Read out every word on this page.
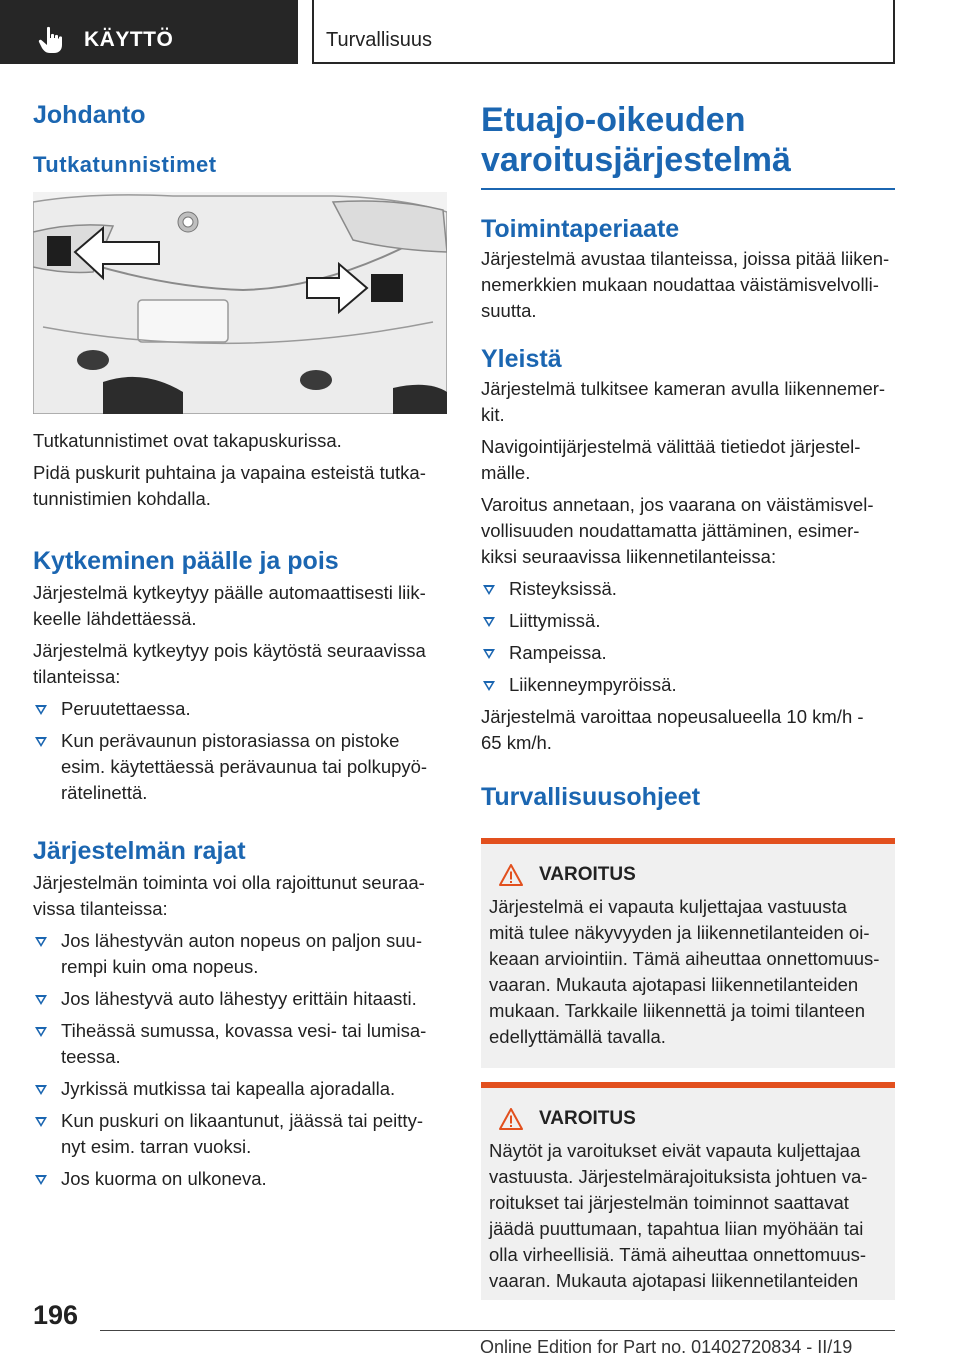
KÄYTTÖ	Turvallisuus
Johdanto
Tutkatunnistimet

Tutkatunnistimet ovat takapuskurissa.

Pidä puskurit puhtaina ja vapaina esteistä tutka-
tunnistimien kohdalla.

Kytkeminen päälle ja pois

Järjestelmä kytkeytyy päälle automaattisesti liik-
keelle lähdettäessä.

Järjestelmä kytkeytyy pois käytöstä seuraavissa
tilanteissa:

Peruutettaessa.
Kun perävaunun pistorasiassa on pistoke
esim. käytettäessä perävaunua tai polkupyö-
rätelinettä.
Järjestelmän rajat

Järjestelmän toiminta voi olla rajoittunut seuraa-
vissa tilanteissa:

Jos lähestyvän auton nopeus on paljon suu-
rempi kuin oma nopeus.
Jos lähestyvä auto lähestyy erittäin hitaasti.
Tiheässä sumussa, kovassa vesi- tai lumisa-
teessa.
Jyrkissä mutkissa tai kapealla ajoradalla.
Kun puskuri on likaantunut, jäässä tai peitty-
nyt esim. tarran vuoksi.
Jos kuorma on ulkoneva.
Etuajo-oikeuden
varoitusjärjestelmä
Toimintaperiaate

Järjestelmä avustaa tilanteissa, joissa pitää liiken-
nemerkkien mukaan noudattaa väistämisvelvolli-
suutta.

Yleistä

Järjestelmä tulkitsee kameran avulla liikennemer-
kit.

Navigointijärjestelmä välittää tietiedot järjestel-
mälle.

Varoitus annetaan, jos vaarana on väistämisvel-
vollisuuden noudattamatta jättäminen, esimer-
kiksi seuraavissa liikennetilanteissa:

Risteyksissä.
Liittymissä.
Rampeissa.
Liikenneympyröissä.

Järjestelmä varoittaa nopeusalueella 10 km/h -
65 km/h.

Turvallisuusohjeet
VAROITUS

Järjestelmä ei vapauta kuljettajaa vastuusta
mitä tulee näkyvyyden ja liikennetilanteiden oi-
keaan arviointiin. Tämä aiheuttaa onnettomuus-
vaaran. Mukauta ajotapasi liikennetilanteiden
mukaan. Tarkkaile liikennettä ja toimi tilanteen
edellyttämällä tavalla.

VAROITUS

Näytöt ja varoitukset eivät vapauta kuljettajaa
vastuusta. Järjestelmärajoituksista johtuen va-
roitukset tai järjestelmän toiminnot saattavat
jäädä puuttumaan, tapahtua liian myöhään tai
olla virheellisiä. Tämä aiheuttaa onnettomuus-
vaaran. Mukauta ajotapasi liikennetilanteiden

196
Online Edition for Part no. 01402720834 - II/19
